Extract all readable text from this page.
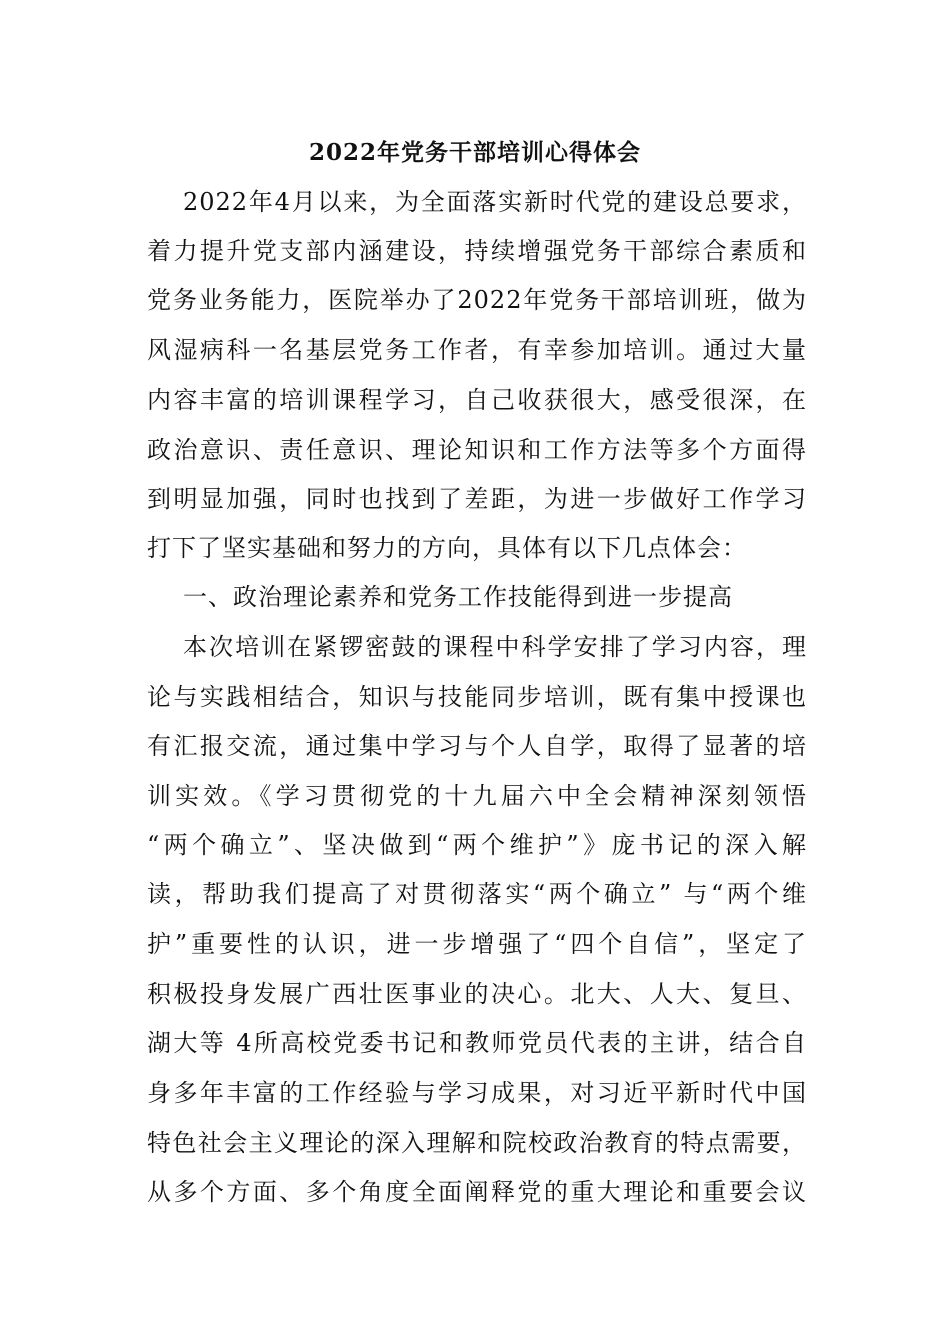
2022年党务干部培训心得体会
2022年4月以来，为全面落实新时代党的建设总要求，
着力提升党支部内涵建设，持续增强党务干部综合素质和
党务业务能力，医院举办了2022年党务干部培训班，做为
风湿病科一名基层党务工作者，有幸参加培训。通过大量
内容丰富的培训课程学习，自己收获很大，感受很深，在
政治意识、责任意识、理论知识和工作方法等多个方面得
到明显加强，同时也找到了差距，为进一步做好工作学习
打下了坚实基础和努力的方向，具体有以下几点体会：
一、政治理论素养和党务工作技能得到进一步提高
本次培训在紧锣密鼓的课程中科学安排了学习内容，理
论与实践相结合，知识与技能同步培训，既有集中授课也
有汇报交流，通过集中学习与个人自学，取得了显著的培
训实效。《学习贯彻党的十九届六中全会精神深刻领悟
“两个确立”、坚决做到“两个维护”》庞书记的深入解
读，帮助我们提高了对贯彻落实“两个确立” 与“两个维
护”重要性的认识，进一步增强了“四个自信”，坚定了
积极投身发展广西壮医事业的决心。北大、人大、复旦、
湖大等 4所高校党委书记和教师党员代表的主讲，结合自
身多年丰富的工作经验与学习成果，对习近平新时代中国
特色社会主义理论的深入理解和院校政治教育的特点需要，
从多个方面、多个角度全面阐释党的重大理论和重要会议
